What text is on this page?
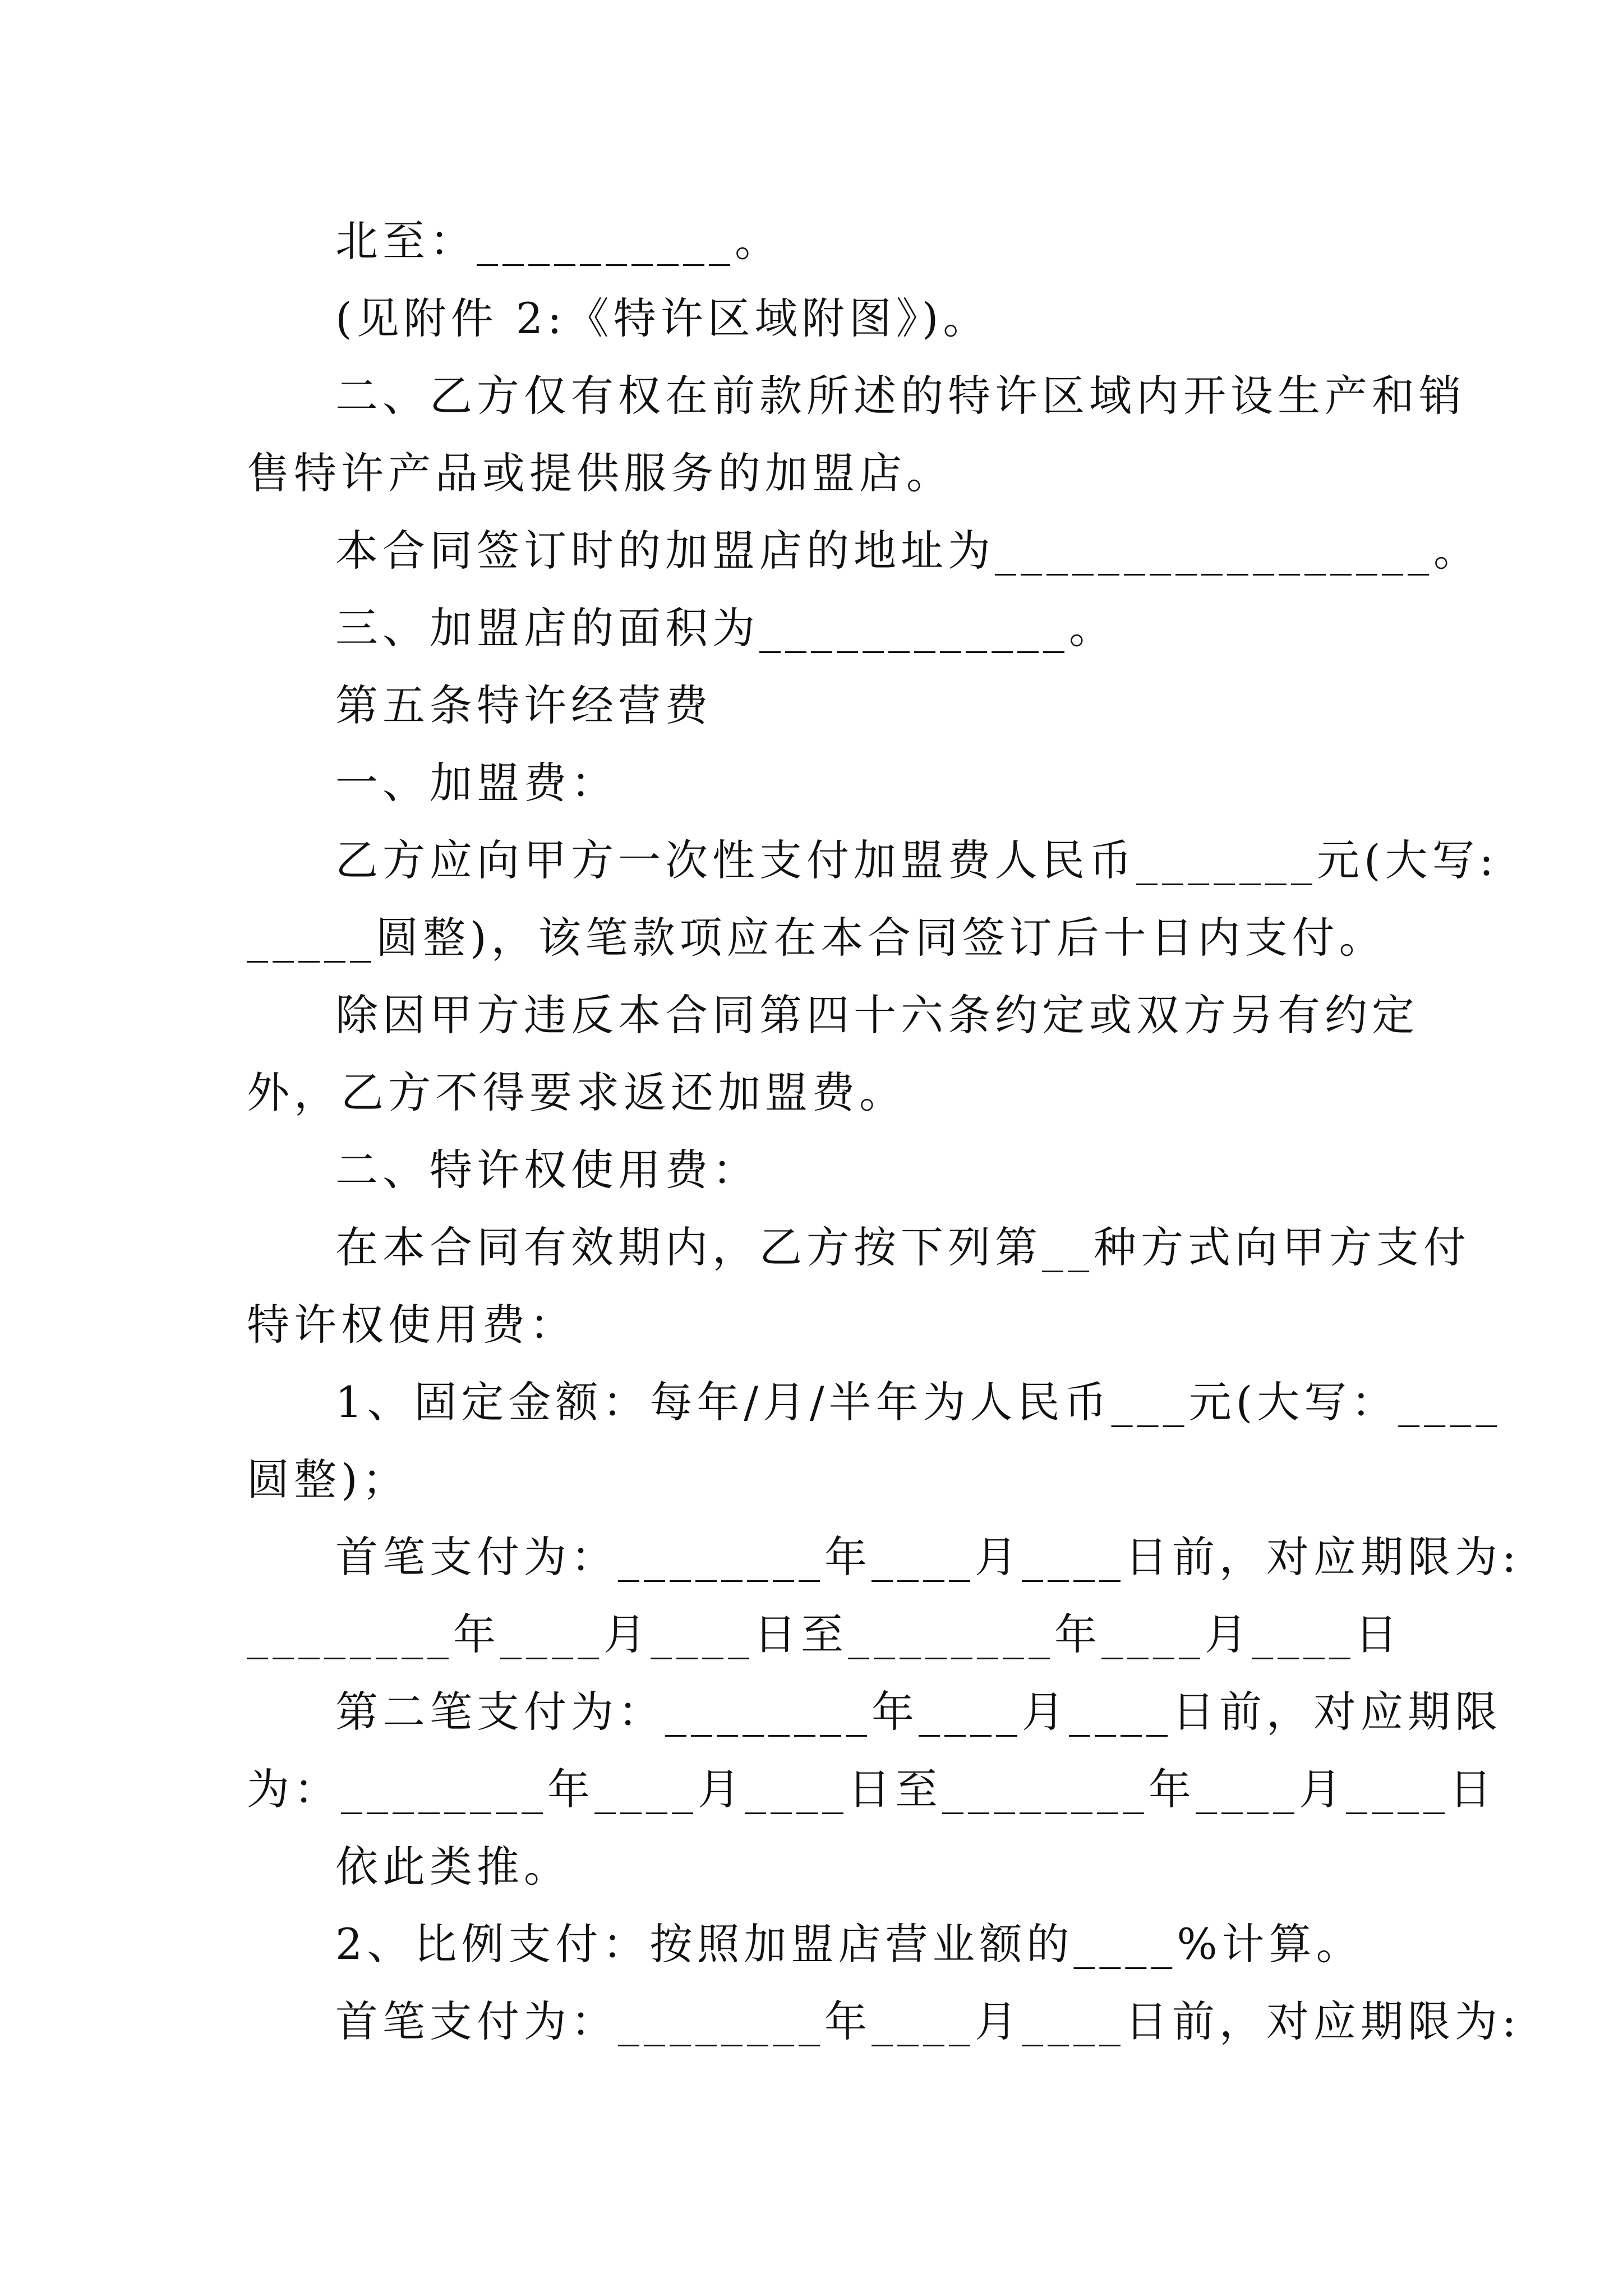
北至：__________。
(见附件 2:《特许区域附图》)。
二、乙方仅有权在前款所述的特许区域内开设生产和销
售特许产品或提供服务的加盟店。
本合同签订时的加盟店的地址为_________________。
三、加盟店的面积为____________。
第五条特许经营费
一、加盟费：
乙方应向甲方一次性支付加盟费人民币_______元(大写:
_____圆整)，该笔款项应在本合同签订后十日内支付。
除因甲方违反本合同第四十六条约定或双方另有约定
外，乙方不得要求返还加盟费。
二、特许权使用费：
在本合同有效期内，乙方按下列第__种方式向甲方支付
特许权使用费：
1、固定金额：每年/月/半年为人民币___元(大写：____
圆整)；
首笔支付为：________年____月____日前，对应期限为:
________年____月____日至________年____月____日
第二笔支付为：________年____月____日前，对应期限
为：________年____月____日至________年____月____日
依此类推。
2、比例支付：按照加盟店营业额的____%计算。
首笔支付为：________年____月____日前，对应期限为:
